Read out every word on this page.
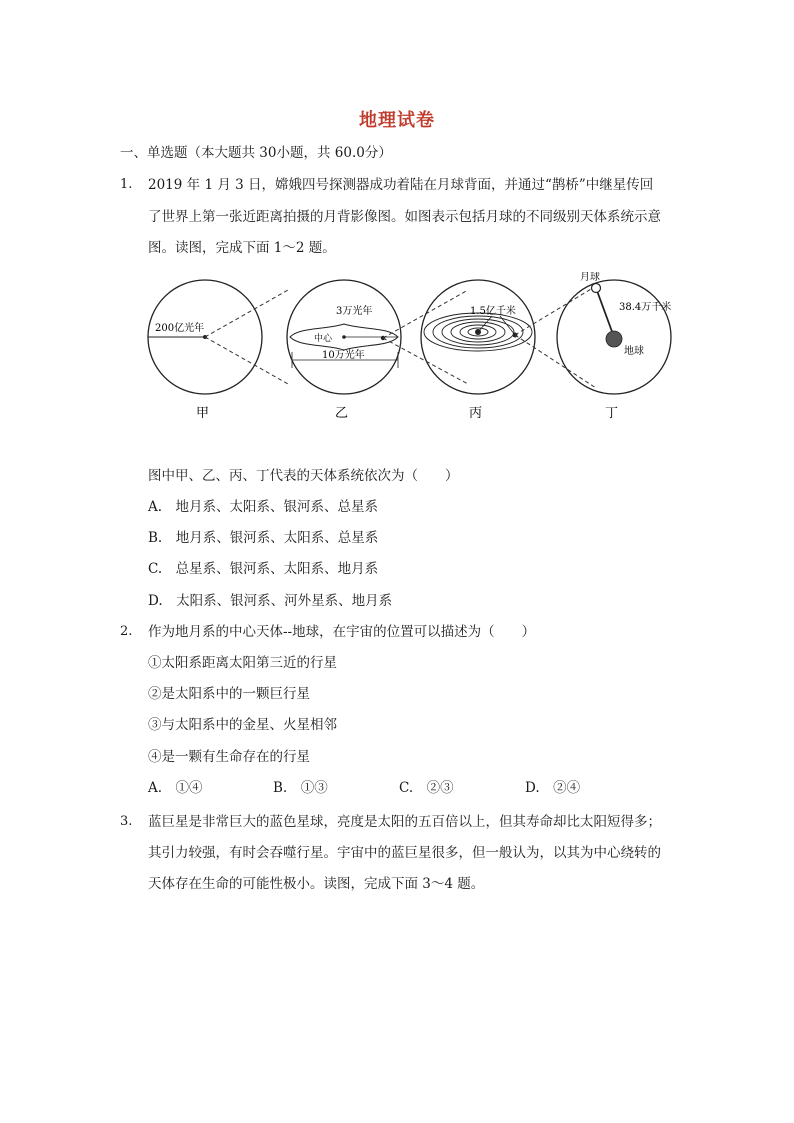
地理试卷
一、单选题（本大题共 30小题，共 60.0分）
1. 2019 年 1 月 3 日，嫦娥四号探测器成功着陆在月球背面，并通过“鹊桥”中继星传回
了世界上第一张近距离拍摄的月背影像图。如图表示包括月球的不同级别天体系统示意
图。读图，完成下面 1～2 题。
200亿光年
3万光年
中心
10万光年
1.5亿千米
月球
38.4万千米
地球
甲	乙	丙	丁
图中甲、乙、丙、丁代表的天体系统依次为（　　）
A.　地月系、太阳系、银河系、总星系
B.　地月系、银河系、太阳系、总星系
C.　总星系、银河系、太阳系、地月系
D.　太阳系、银河系、河外星系、地月系
2. 作为地月系的中心天体--地球，在宇宙的位置可以描述为（　　）
①太阳系距离太阳第三近的行星
②是太阳系中的一颗巨行星
③与太阳系中的金星、火星相邻
④是一颗有生命存在的行星
A.　①④	B.　①③	C.　②③	D.　②④
3. 蓝巨星是非常巨大的蓝色星球，亮度是太阳的五百倍以上，但其寿命却比太阳短得多；
其引力较强，有时会吞噬行星。宇宙中的蓝巨星很多，但一般认为，以其为中心绕转的
天体存在生命的可能性极小。读图，完成下面 3～4 题。
